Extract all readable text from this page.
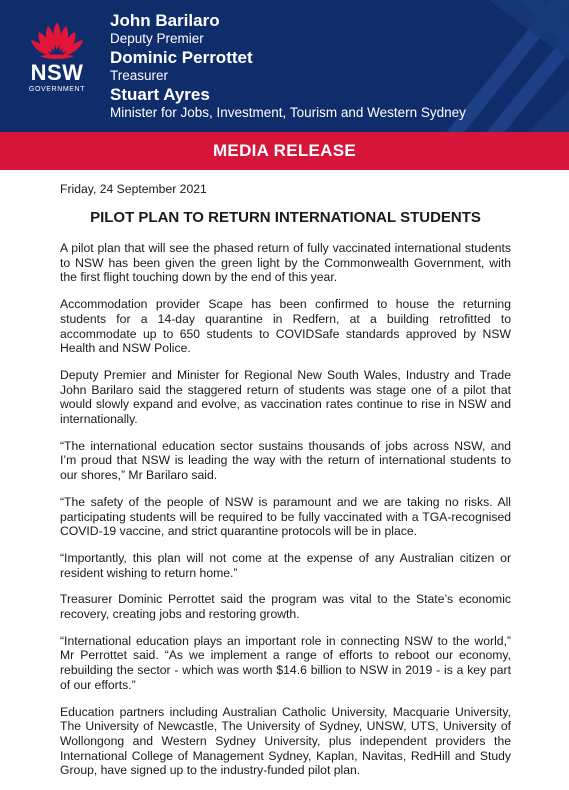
NSW
GOVERNMENT
John Barilaro
Deputy Premier
Dominic Perrottet
Treasurer
Stuart Ayres
Minister for Jobs, Investment, Tourism and Western Sydney
MEDIA RELEASE

Friday, 24 September 2021

PILOT PLAN TO RETURN INTERNATIONAL STUDENTS

A pilot plan that will see the phased return of fully vaccinated international students to NSW has been given the green light by the Commonwealth Government, with the first flight touching down by the end of this year.

Accommodation provider Scape has been confirmed to house the returning students for a 14-day quarantine in Redfern, at a building retrofitted to accommodate up to 650 students to COVIDSafe standards approved by NSW Health and NSW Police.

Deputy Premier and Minister for Regional New South Wales, Industry and Trade John Barilaro said the staggered return of students was stage one of a pilot that would slowly expand and evolve, as vaccination rates continue to rise in NSW and internationally.

“The international education sector sustains thousands of jobs across NSW, and I’m proud that NSW is leading the way with the return of international students to our shores,” Mr Barilaro said.

“The safety of the people of NSW is paramount and we are taking no risks. All participating students will be required to be fully vaccinated with a TGA-recognised COVID-19 vaccine, and strict quarantine protocols will be in place.

“Importantly, this plan will not come at the expense of any Australian citizen or resident wishing to return home.”

Treasurer Dominic Perrottet said the program was vital to the State’s economic recovery, creating jobs and restoring growth.

“International education plays an important role in connecting NSW to the world,” Mr Perrottet said. “As we implement a range of efforts to reboot our economy, rebuilding the sector - which was worth $14.6 billion to NSW in 2019 - is a key part of our efforts.”

Education partners including Australian Catholic University, Macquarie University, The University of Newcastle, The University of Sydney, UNSW, UTS, University of Wollongong and Western Sydney University, plus independent providers the International College of Management Sydney, Kaplan, Navitas, RedHill and Study Group, have signed up to the industry-funded pilot plan.
